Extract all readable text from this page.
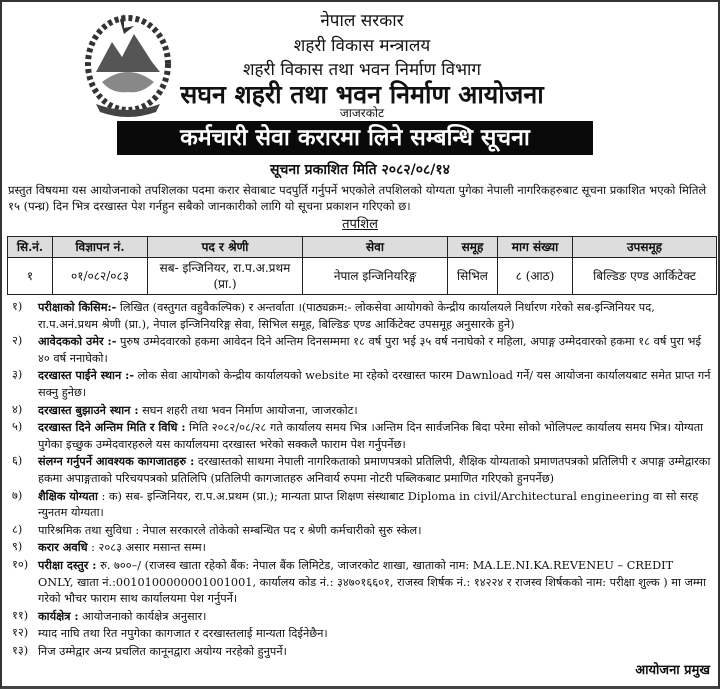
नेपाल सरकार
शहरी विकास मन्त्रालय
शहरी विकास तथा भवन निर्माण विभाग
सघन शहरी तथा भवन निर्माण आयोजना
जाजरकोट
कर्मचारी सेवा करारमा लिने सम्बन्धि सूचना
सूचना प्रकाशित मिति २०८२/०८/१४
प्रस्तुत विषयमा यस आयोजनाको तपशिलका पदमा करार सेवाबाट पदपुर्ति गर्नुपर्ने भएकोले तपशिलको योग्यता पुगेका नेपाली नागरिकहरुबाट सूचना प्रकाशित भएको मितिले १५ (पन्ध्र) दिन भित्र दरखास्त पेश गर्नहुन सबैको जानकारीको लागि यो सूचना प्रकाशन गरिएको छ।
तपशिल
सि.नं.	विज्ञापन नं.	पद र श्रेणी	सेवा	समूह	माग संख्या	उपसमूह
१	०१/०८२/०८३	सब- इन्जिनियर, रा.प.अ.प्रथम (प्रा.)	नेपाल इन्जिनियरिङ्ग	सिभिल	८ (आठ)	बिल्डिङ एण्ड आर्किटेक्ट
१)	परीक्षाको किसिम:- लिखित (वस्तुगत वहुवैकल्पिक) र अन्तर्वाता ।(पाठ्यक्रम:- लोकसेवा आयोगको केन्द्रीय कार्यालयले निर्धारण गरेको सब-इन्जिनियर पद, रा.प.अनं.प्रथम श्रेणी (प्रा.), नेपाल इन्जिनियरिङ्ग सेवा, सिभिल समूह, बिल्डिङ एण्ड आर्किटेक्ट उपसमूह अनुसारके हुने)
२)	आवेदकको उमेर :- पुरुष उम्मेदवारको हकमा आवेदन दिने अन्तिम दिनसम्ममा १८ वर्ष पुरा भई ३५ वर्ष ननाघेको र महिला, अपाङ्ग उम्मेदवारको हकमा १८ वर्ष पुरा भई ४० वर्ष ननाघेको।
३)	दरखास्त पाईने स्थान :- लोक सेवा आयोगको केन्द्रीय कार्यालयको website मा रहेको दरखास्त फारम Dawnload गर्ने/ यस आयोजना कार्यालयबाट समेत प्राप्त गर्न सक्नु हुनेछ।
४)	दरखास्त बुझाउने स्थान : सघन शहरी तथा भवन निर्माण आयोजना, जाजरकोट।
५)	दरखास्त दिने अन्तिम मिति र विधि : मिति २०८२/०८/२८ गते कार्यालय समय भित्र ।अन्तिम दिन सार्वजनिक बिदा परेमा सोको भोलिपल्ट कार्यालय समय भित्र। योग्यता पुगेका इच्छुक उम्मेदवारहरुले यस कार्यालयमा दरखास्त भरेको सक्कलै फाराम पेश गर्नुपर्नेछ।
६)	संलग्न गर्नुपर्ने आवश्यक कागजातहरु : दरखास्तको साथमा नेपाली नागरिकताको प्रमाणपत्रको प्रतिलिपी, शैक्षिक योग्यताको प्रमाणतपत्रको प्रतिलिपी र अपाङ्ग उम्मेद्वारका हकमा अपाङ्गताको परिचयपत्रको प्रतिलिपि (प्रतिलिपी कागजातहरु अनिवार्य रुपमा नोटरी पब्लिकबाट प्रमाणित गरिएको हुनपर्नेछ)
७)	शैक्षिक योग्यता : क) सब- इन्जिनियर, रा.प.अ.प्रथम (प्रा.); मान्यता प्राप्त शिक्षण संस्थाबाट Diploma in civil/Architectural engineering वा सो सरह न्युनतम योग्यता।
८)	पारिश्रमिक तथा सुविधा : नेपाल सरकारले तोकेको सम्बन्धित पद र श्रेणी कर्मचारीको सुरु स्केल।
९)	करार अवधि : २०८३ असार मसान्त सम्म।
१०) परीक्षा दस्तुर : रु. ७००–/ (राजस्व खाता रहेको बैंक: नेपाल बैंक लिमिटेड, जाजरकोट शाखा, खाताको नाम: MA.LE.NI.KA.REVENEU – CREDIT ONLY, खाता नं.:0010100000001001001, कार्यालय कोड नं.: ३४७०१६६०१, राजस्व शिर्षक नं.: १४२२४ र राजस्व शिर्षकको नाम: परीक्षा शुल्क ) मा जम्मा गरेको भौचर फाराम साथ कार्यालयमा पेश गर्नुपर्ने।
११) कार्यक्षेत्र : आयोजनाको कार्यक्षेत्र अनुसार।
१२) म्याद नाघि तथा रित नपुगेका कागजात र दरखास्तलाई मान्यता दिईनेछैन।
१३) निज उम्मेद्वार अन्य प्रचलित कानूनद्वारा अयोग्य नरहेको हुनुपर्ने।
आयोजना प्रमुख
